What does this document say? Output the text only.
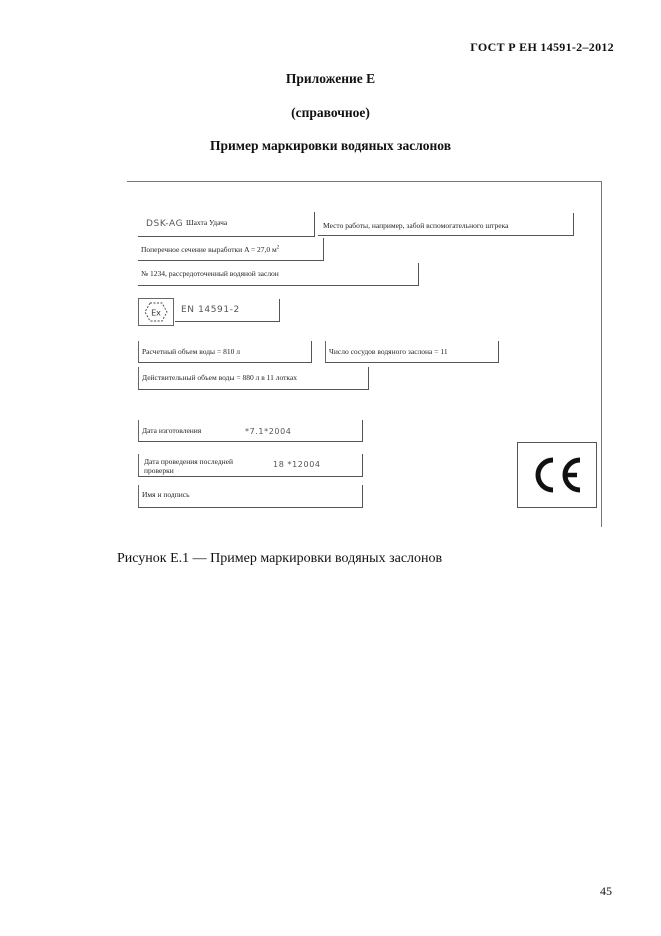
ГОСТ Р ЕН 14591-2–2012
Приложение Е
(справочное)
Пример маркировки водяных заслонов
DSK-AG Шахта Удача	Место работы, например, забой вспомогательного штрека
Поперечное сечение выработки A = 27,0 $м^2$
№ 1234, рассредоточенный водяной заслон
Ex EN 14591-2
Расчетный объем воды = 810 л	Число сосудов водяного заслона = 11
Действительный объем воды = 880 л в 11 лотках
Дата изготовления	*7.1*2004
Дата проведения последней проверки
18 *12004
Имя и подпись
Рисунок Е.1 — Пример маркировки водяных заслонов
45
